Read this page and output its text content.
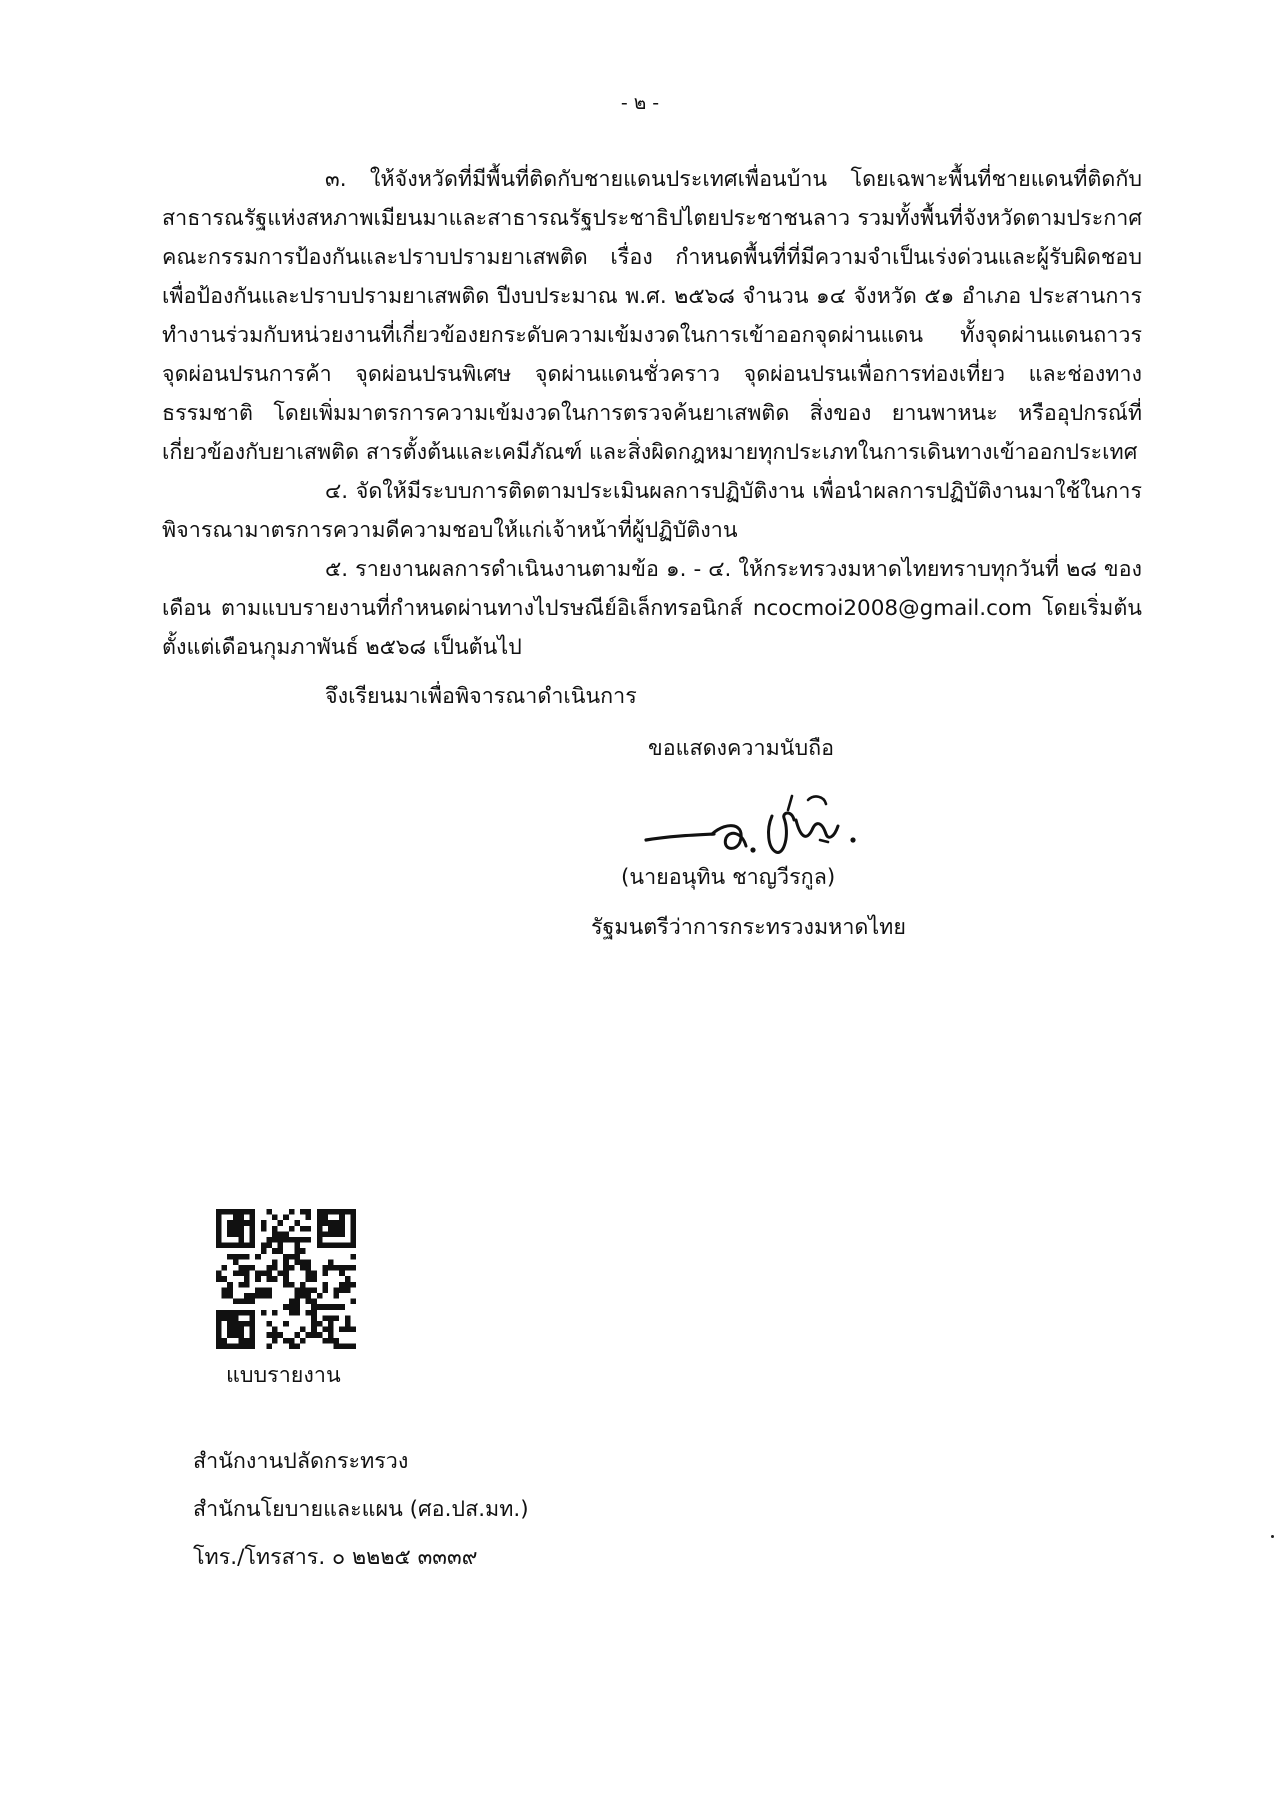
- ๒ -

๓. ให้จังหวัดที่มีพื้นที่ติดกับชายแดนประเทศเพื่อนบ้าน โดยเฉพาะพื้นที่ชายแดนที่ติดกับสาธารณรัฐแห่งสหภาพเมียนมาและสาธารณรัฐประชาธิปไตยประชาชนลาว รวมทั้งพื้นที่จังหวัดตามประกาศคณะกรรมการป้องกันและปราบปรามยาเสพติด เรื่อง กำหนดพื้นที่ที่มีความจำเป็นเร่งด่วนและผู้รับผิดชอบเพื่อป้องกันและปราบปรามยาเสพติด ปีงบประมาณ พ.ศ. ๒๕๖๘ จำนวน ๑๔ จังหวัด ๕๑ อำเภอ ประสานการทำงานร่วมกับหน่วยงานที่เกี่ยวข้องยกระดับความเข้มงวดในการเข้าออกจุดผ่านแดน ทั้งจุดผ่านแดนถาวร จุดผ่อนปรนการค้า จุดผ่อนปรนพิเศษ จุดผ่านแดนชั่วคราว จุดผ่อนปรนเพื่อการท่องเที่ยว และช่องทางธรรมชาติ โดยเพิ่มมาตรการความเข้มงวดในการตรวจค้นยาเสพติด สิ่งของ ยานพาหนะ หรืออุปกรณ์ที่เกี่ยวข้องกับยาเสพติด สารตั้งต้นและเคมีภัณฑ์ และสิ่งผิดกฎหมายทุกประเภทในการเดินทางเข้าออกประเทศ

๔. จัดให้มีระบบการติดตามประเมินผลการปฏิบัติงาน เพื่อนำผลการปฏิบัติงานมาใช้ในการพิจารณามาตรการความดีความชอบให้แก่เจ้าหน้าที่ผู้ปฏิบัติงาน

๕. รายงานผลการดำเนินงานตามข้อ ๑. - ๔. ให้กระทรวงมหาดไทยทราบทุกวันที่ ๒๘ ของเดือน ตามแบบรายงานที่กำหนดผ่านทางไปรษณีย์อิเล็กทรอนิกส์ ncocmoi2008@gmail.com โดยเริ่มต้นตั้งแต่เดือนกุมภาพันธ์ ๒๕๖๘ เป็นต้นไป

จึงเรียนมาเพื่อพิจารณาดำเนินการ
ขอแสดงความนับถือ
(นายอนุทิน ชาญวีรกูล)
รัฐมนตรีว่าการกระทรวงมหาดไทย
แบบรายงาน
สำนักงานปลัดกระทรวง
สำนักนโยบายและแผน (ศอ.ปส.มท.)
โทร./โทรสาร. ๐ ๒๒๒๕ ๓๓๓๙
